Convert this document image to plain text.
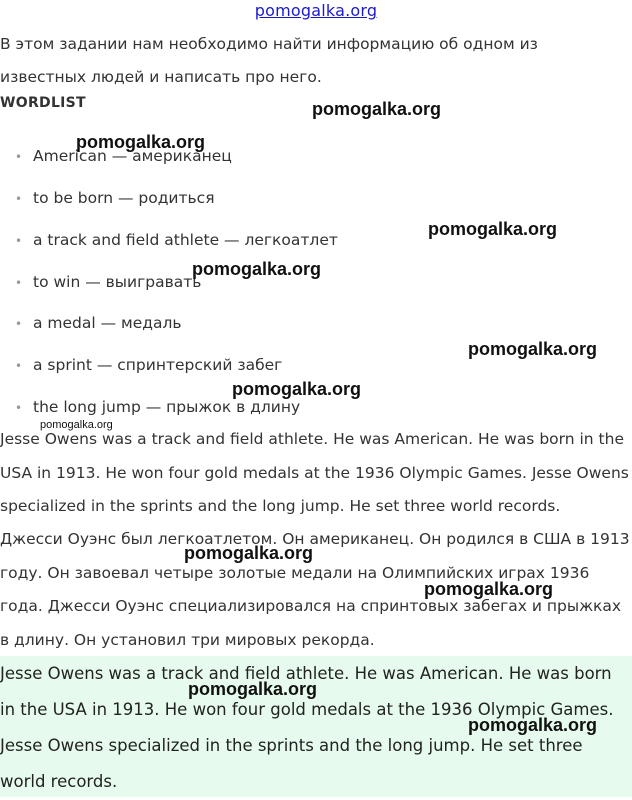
pomogalka.org
В этом задании нам необходимо найти информацию об одном из известных людей и написать про него.
WORDLIST
• American — американец
• to be born — родиться
• a track and field athlete — легкоатлет
• to win — выигравать
• a medal — медаль
• a sprint — спринтерский забег
• the long jump — прыжок в длину
Jesse Owens was a track and field athlete. He was American. He was born in the USA in 1913. He won four gold medals at the 1936 Olympic Games. Jesse Owens specialized in the sprints and the long jump. He set three world records.
Джесси Оуэнс был легкоатлетом. Он американец. Он родился в США в 1913 году. Он завоевал четыре золотые медали на Олимпийских играх 1936 года. Джесси Оуэнс специализировался на спринтовых забегах и прыжках в длину. Он установил три мировых рекорда.
Jesse Owens was a track and field athlete. He was American. He was born in the USA in 1913. He won four gold medals at the 1936 Olympic Games. Jesse Owens specialized in the sprints and the long jump. He set three world records.
pomogalka.org
pomogalka.org
pomogalka.org
pomogalka.org
pomogalka.org
pomogalka.org
pomogalka.org
pomogalka.org
pomogalka.org
pomogalka.org
pomogalka.org
